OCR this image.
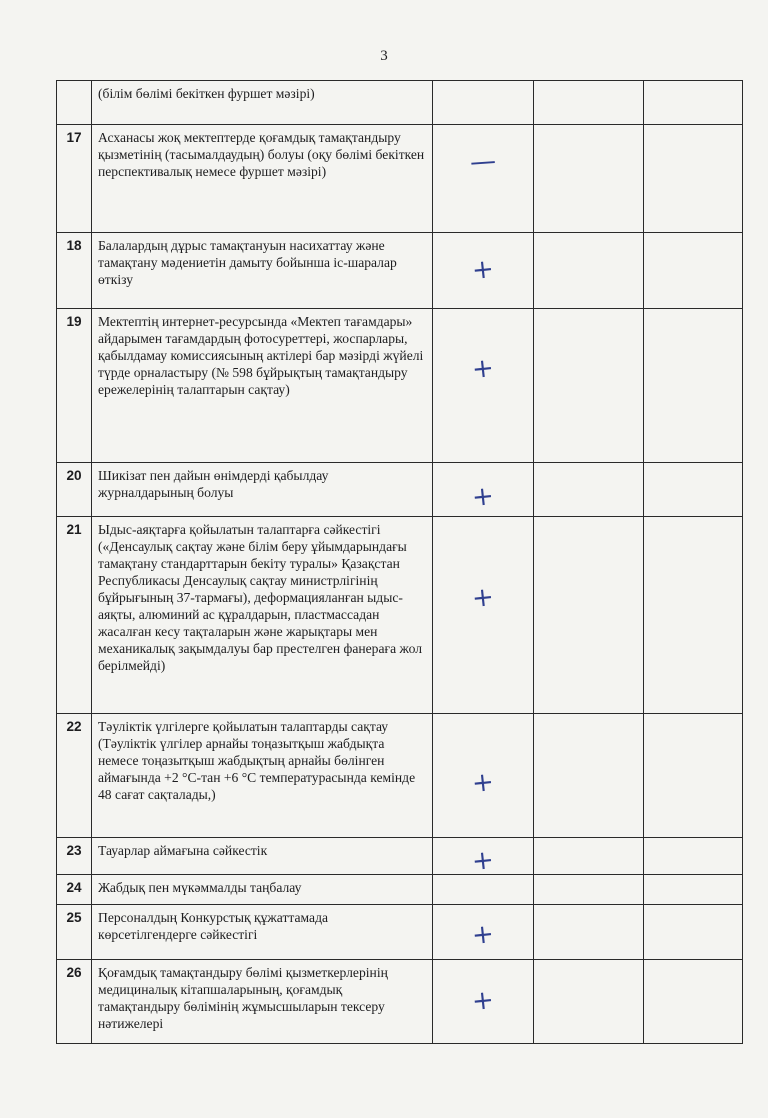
3
	(білім бөлімі бекіткен фуршет мәзірі)			
17	Асханасы жоқ мектептерде қоғамдық тамақтандыру қызметінің (тасымалдаудың) болуы (оқу бөлімі бекіткен перспективалық немесе фуршет мәзірі)	—		
18	Балалардың дұрыс тамақтануын насихаттау және тамақтану мәдениетін дамыту бойынша іс-шаралар өткізу	+		
19	Мектептің интернет-ресурсында «Мектеп тағамдары» айдарымен тағамдардың фотосуреттері, жоспарлары, қабылдамау комиссиясының актілері бар мәзірді жүйелі түрде орналастыру (№ 598 бұйрықтың тамақтандыру ережелерінің талаптарын сақтау)	+		
20	Шикізат пен дайын өнімдерді қабылдау журналдарының болуы	+		
21	Ыдыс-аяқтарға қойылатын талаптарға сәйкестігі («Денсаулық сақтау және білім беру ұйымдарындағы тамақтану стандарттарын бекіту туралы» Қазақстан Республикасы Денсаулық сақтау министрлігінің бұйрығының 37-тармағы), деформацияланған ыдыс-аяқты, алюминий ас құралдарын, пластмассадан жасалған кесу тақталарын және жарықтары мен механикалық зақымдалуы бар престелген фанераға жол берілмейді)	+		
22	Тәуліктік үлгілерге қойылатын талаптарды сақтау (Тәуліктік үлгілер арнайы тоңазытқыш жабдықта немесе тоңазытқыш жабдықтың арнайы бөлінген аймағында +2 °С-тан +6 °С температурасында кемінде 48 сағат сақталады,)	+		
23	Тауарлар аймағына сәйкестік	+		
24	Жабдық пен мүкәммалды таңбалау			
25	Персоналдың Конкурстық құжаттамада көрсетілгендерге сәйкестігі	+		
26	Қоғамдық тамақтандыру бөлімі қызметкерлерінің медициналық кітапшаларының, қоғамдық тамақтандыру бөлімінің жұмысшыларын тексеру нәтижелері	+		
